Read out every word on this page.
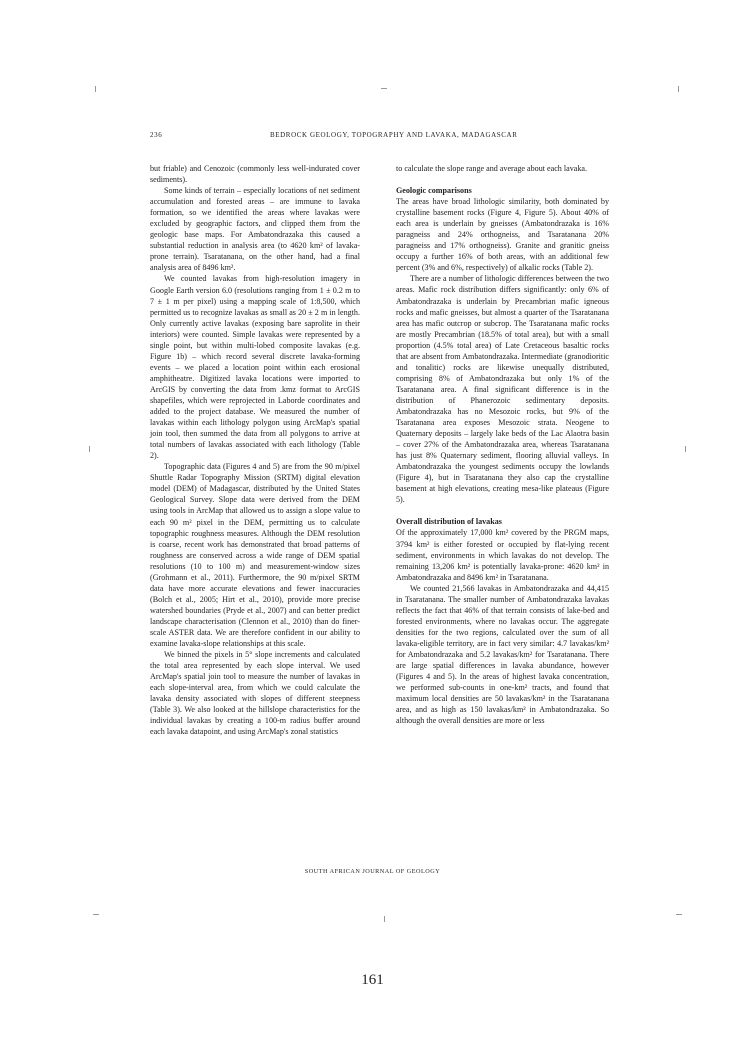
236	BEDROCK GEOLOGY, TOPOGRAPHY AND LAVAKA, MADAGASCAR

but friable) and Cenozoic (commonly less well-indurated cover sediments).

Some kinds of terrain – especially locations of net sediment accumulation and forested areas – are immune to lavaka formation, so we identified the areas where lavakas were excluded by geographic factors, and clipped them from the geologic base maps. For Ambatondrazaka this caused a substantial reduction in analysis area (to 4620 km² of lavaka-prone terrain). Tsaratanana, on the other hand, had a final analysis area of 8496 km².

We counted lavakas from high-resolution imagery in Google Earth version 6.0 (resolutions ranging from 1 ± 0.2 m to 7 ± 1 m per pixel) using a mapping scale of 1:8,500, which permitted us to recognize lavakas as small as 20 ± 2 m in length. Only currently active lavakas (exposing bare saprolite in their interiors) were counted. Simple lavakas were represented by a single point, but within multi-lobed composite lavakas (e.g. Figure 1b) – which record several discrete lavaka-forming events – we placed a location point within each erosional amphitheatre. Digitized lavaka locations were imported to ArcGIS by converting the data from .kmz format to ArcGIS shapefiles, which were reprojected in Laborde coordinates and added to the project database. We measured the number of lavakas within each lithology polygon using ArcMap's spatial join tool, then summed the data from all polygons to arrive at total numbers of lavakas associated with each lithology (Table 2).

Topographic data (Figures 4 and 5) are from the 90 m/pixel Shuttle Radar Topography Mission (SRTM) digital elevation model (DEM) of Madagascar, distributed by the United States Geological Survey. Slope data were derived from the DEM using tools in ArcMap that allowed us to assign a slope value to each 90 m² pixel in the DEM, permitting us to calculate topographic roughness measures. Although the DEM resolution is coarse, recent work has demonstrated that broad patterns of roughness are conserved across a wide range of DEM spatial resolutions (10 to 100 m) and measurement-window sizes (Grohmann et al., 2011). Furthermore, the 90 m/pixel SRTM data have more accurate elevations and fewer inaccuracies (Bolch et al., 2005; Hirt et al., 2010), provide more precise watershed boundaries (Pryde et al., 2007) and can better predict landscape characterisation (Clennon et al., 2010) than do finer-scale ASTER data. We are therefore confident in our ability to examine lavaka-slope relationships at this scale.

We binned the pixels in 5° slope increments and calculated the total area represented by each slope interval. We used ArcMap's spatial join tool to measure the number of lavakas in each slope-interval area, from which we could calculate the lavaka density associated with slopes of different steepness (Table 3). We also looked at the hillslope characteristics for the individual lavakas by creating a 100-m radius buffer around each lavaka datapoint, and using ArcMap's zonal statistics

to calculate the slope range and average about each lavaka.

Geologic comparisons

The areas have broad lithologic similarity, both dominated by crystalline basement rocks (Figure 4, Figure 5). About 40% of each area is underlain by gneisses (Ambatondrazaka is 16% paragneiss and 24% orthogneiss, and Tsaratanana 20% paragneiss and 17% orthogneiss). Granite and granitic gneiss occupy a further 16% of both areas, with an additional few percent (3% and 6%, respectively) of alkalic rocks (Table 2).

There are a number of lithologic differences between the two areas. Mafic rock distribution differs significantly: only 6% of Ambatondrazaka is underlain by Precambrian mafic igneous rocks and mafic gneisses, but almost a quarter of the Tsaratanana area has mafic outcrop or subcrop. The Tsaratanana mafic rocks are mostly Precambrian (18.5% of total area), but with a small proportion (4.5% total area) of Late Cretaceous basaltic rocks that are absent from Ambatondrazaka. Intermediate (granodioritic and tonalitic) rocks are likewise unequally distributed, comprising 8% of Ambatondrazaka but only 1% of the Tsaratanana area. A final significant difference is in the distribution of Phanerozoic sedimentary deposits. Ambatondrazaka has no Mesozoic rocks, but 9% of the Tsaratanana area exposes Mesozoic strata. Neogene to Quaternary deposits – largely lake beds of the Lac Alaotra basin – cover 27% of the Ambatondrazaka area, whereas Tsaratanana has just 8% Quaternary sediment, flooring alluvial valleys. In Ambatondrazaka the youngest sediments occupy the lowlands (Figure 4), but in Tsaratanana they also cap the crystalline basement at high elevations, creating mesa-like plateaus (Figure 5).

Overall distribution of lavakas

Of the approximately 17,000 km² covered by the PRGM maps, 3794 km² is either forested or occupied by flat-lying recent sediment, environments in which lavakas do not develop. The remaining 13,206 km² is potentially lavaka-prone: 4620 km² in Ambatondrazaka and 8496 km² in Tsaratanana.

We counted 21,566 lavakas in Ambatondrazaka and 44,415 in Tsaratanana. The smaller number of Ambatondrazaka lavakas reflects the fact that 46% of that terrain consists of lake-bed and forested environments, where no lavakas occur. The aggregate densities for the two regions, calculated over the sum of all lavaka-eligible territory, are in fact very similar: 4.7 lavakas/km² for Ambatondrazaka and 5.2 lavakas/km² for Tsaratanana. There are large spatial differences in lavaka abundance, however (Figures 4 and 5). In the areas of highest lavaka concentration, we performed sub-counts in one-km² tracts, and found that maximum local densities are 50 lavakas/km² in the Tsaratanana area, and as high as 150 lavakas/km² in Ambatondrazaka. So although the overall densities are more or less

SOUTH AFRICAN JOURNAL OF GEOLOGY
161
